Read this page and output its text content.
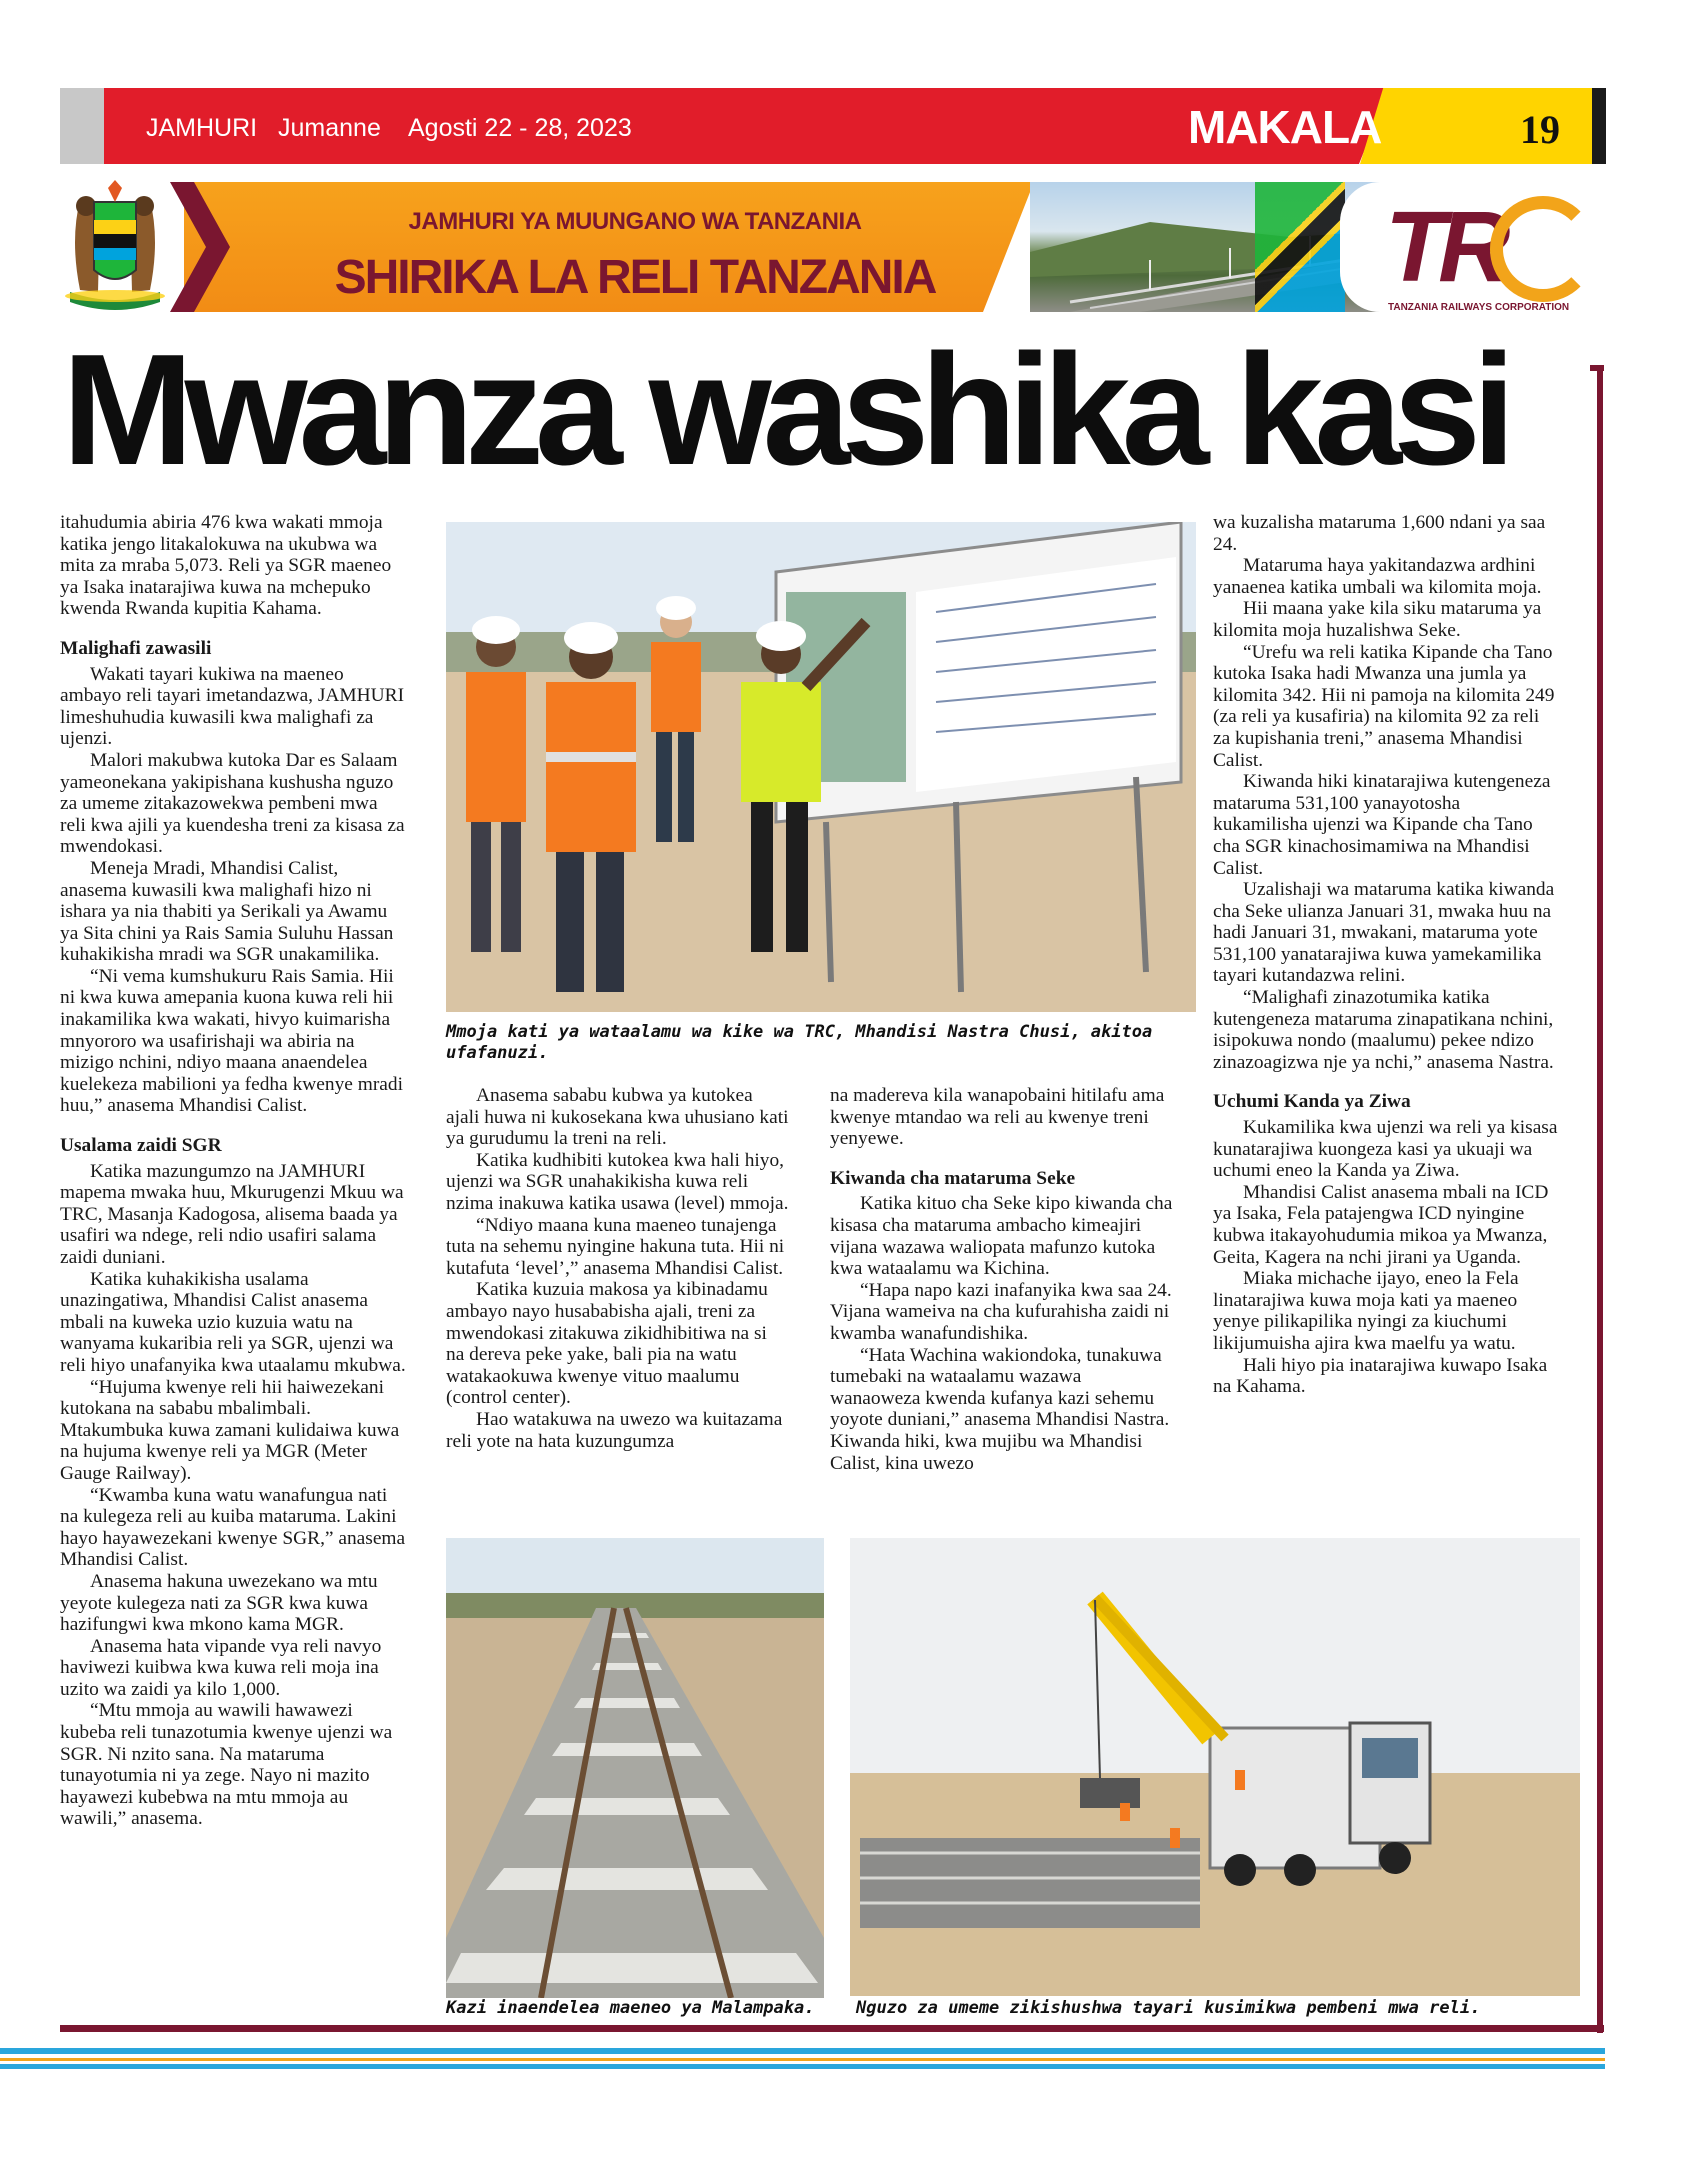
JAMHURI Jumanne Agosti 22 - 28, 2023	MAKALA	19
JAMHURI YA MUUNGANO WA TANZANIA
SHIRIKA LA RELI TANZANIA	TR
TANZANIA RAILWAYS CORPORATION
Mwanza washika kasi

itahudumia abiria 476 kwa wakati mmoja katika jengo litakalokuwa na ukubwa wa mita za mraba 5,073. Reli ya SGR maeneo ya Isaka inatarajiwa kuwa na mchepuko kwenda Rwanda kupitia Kahama.

Malighafi zawasili

Wakati tayari kukiwa na maeneo ambayo reli tayari imetandazwa, JAMHURI limeshuhudia kuwasili kwa malighafi za ujenzi.

Malori makubwa kutoka Dar es Salaam yameonekana yakipishana kushusha nguzo za umeme zitakazowekwa pembeni mwa reli kwa ajili ya kuendesha treni za kisasa za mwendokasi.

Meneja Mradi, Mhandisi Calist, anasema kuwasili kwa malighafi hizo ni ishara ya nia thabiti ya Serikali ya Awamu ya Sita chini ya Rais Samia Suluhu Hassan kuhakikisha mradi wa SGR unakamilika.

“Ni vema kumshukuru Rais Samia. Hii ni kwa kuwa amepania kuona kuwa reli hii inakamilika kwa wakati, hivyo kuimarisha mnyororo wa usafirishaji wa abiria na mizigo nchini, ndiyo maana anaendelea kuelekeza mabilioni ya fedha kwenye mradi huu,” anasema Mhandisi Calist.

Usalama zaidi SGR

Katika mazungumzo na JAMHURI mapema mwaka huu, Mkurugenzi Mkuu wa TRC, Masanja Kadogosa, alisema baada ya usafiri wa ndege, reli ndio usafiri salama zaidi duniani.

Katika kuhakikisha usalama unazingatiwa, Mhandisi Calist anasema mbali na kuweka uzio kuzuia watu na wanyama kukaribia reli ya SGR, ujenzi wa reli hiyo unafanyika kwa utaalamu mkubwa.

“Hujuma kwenye reli hii haiwezekani kutokana na sababu mbalimbali. Mtakumbuka kuwa zamani kulidaiwa kuwa na hujuma kwenye reli ya MGR (Meter Gauge Railway).

“Kwamba kuna watu wanafungua nati na kulegeza reli au kuiba mataruma. Lakini hayo hayawezekani kwenye SGR,” anasema Mhandisi Calist.

Anasema hakuna uwezekano wa mtu yeyote kulegeza nati za SGR kwa kuwa hazifungwi kwa mkono kama MGR.

Anasema hata vipande vya reli navyo haviwezi kuibwa kwa kuwa reli moja ina uzito wa zaidi ya kilo 1,000.

“Mtu mmoja au wawili hawawezi kubeba reli tunazotumia kwenye ujenzi wa SGR. Ni nzito sana. Na mataruma tunayotumia ni ya zege. Nayo ni mazito hayawezi kubebwa na mtu mmoja au wawili,” anasema.

Mmoja kati ya wataalamu wa kike wa TRC, Mhandisi Nastra Chusi, akitoa ufafanuzi.

Anasema sababu kubwa ya kutokea ajali huwa ni kukosekana kwa uhusiano kati ya gurudumu la treni na reli.

Katika kudhibiti kutokea kwa hali hiyo, ujenzi wa SGR unahakikisha kuwa reli nzima inakuwa katika usawa (level) mmoja.

“Ndiyo maana kuna maeneo tunajenga tuta na sehemu nyingine hakuna tuta. Hii ni kutafuta ‘level’,” anasema Mhandisi Calist.

Katika kuzuia makosa ya kibinadamu ambayo nayo husababisha ajali, treni za mwendokasi zitakuwa zikidhibitiwa na si na dereva peke yake, bali pia na watu watakaokuwa kwenye vituo maalumu (control center).

Hao watakuwa na uwezo wa kuitazama reli yote na hata kuzungumza

na madereva kila wanapobaini hitilafu ama kwenye mtandao wa reli au kwenye treni yenyewe.

Kiwanda cha mataruma Seke

Katika kituo cha Seke kipo kiwanda cha kisasa cha mataruma ambacho kimeajiri vijana wazawa waliopata mafunzo kutoka kwa wataalamu wa Kichina.

“Hapa napo kazi inafanyika kwa saa 24. Vijana wameiva na cha kufurahisha zaidi ni kwamba wanafundishika.

“Hata Wachina wakiondoka, tunakuwa tumebaki na wataalamu wazawa wanaoweza kwenda kufanya kazi sehemu yoyote duniani,” anasema Mhandisi Nastra. Kiwanda hiki, kwa mujibu wa Mhandisi Calist, kina uwezo

wa kuzalisha mataruma 1,600 ndani ya saa 24.

Mataruma haya yakitandazwa ardhini yanaenea katika umbali wa kilomita moja.

Hii maana yake kila siku mataruma ya kilomita moja huzalishwa Seke.

“Urefu wa reli katika Kipande cha Tano kutoka Isaka hadi Mwanza una jumla ya kilomita 342. Hii ni pamoja na kilomita 249 (za reli ya kusafiria) na kilomita 92 za reli za kupishania treni,” anasema Mhandisi Calist.

Kiwanda hiki kinatarajiwa kutengeneza mataruma 531,100 yanayotosha kukamilisha ujenzi wa Kipande cha Tano cha SGR kinachosimamiwa na Mhandisi Calist.

Uzalishaji wa mataruma katika kiwanda cha Seke ulianza Januari 31, mwaka huu na hadi Januari 31, mwakani, mataruma yote 531,100 yanatarajiwa kuwa yamekamilika tayari kutandazwa relini.

“Malighafi zinazotumika katika kutengeneza mataruma zinapatikana nchini, isipokuwa nondo (maalumu) pekee ndizo zinazoagizwa nje ya nchi,” anasema Nastra.

Uchumi Kanda ya Ziwa

Kukamilika kwa ujenzi wa reli ya kisasa kunatarajiwa kuongeza kasi ya ukuaji wa uchumi eneo la Kanda ya Ziwa.

Mhandisi Calist anasema mbali na ICD ya Isaka, Fela patajengwa ICD nyingine kubwa itakayohudumia mikoa ya Mwanza, Geita, Kagera na nchi jirani ya Uganda.

Miaka michache ijayo, eneo la Fela linatarajiwa kuwa moja kati ya maeneo yenye pilikapilika nyingi za kiuchumi likijumuisha ajira kwa maelfu ya watu.

Hali hiyo pia inatarajiwa kuwapo Isaka na Kahama.

Kazi inaendelea maeneo ya Malampaka.	Nguzo za umeme zikishushwa tayari kusimikwa pembeni mwa reli.
